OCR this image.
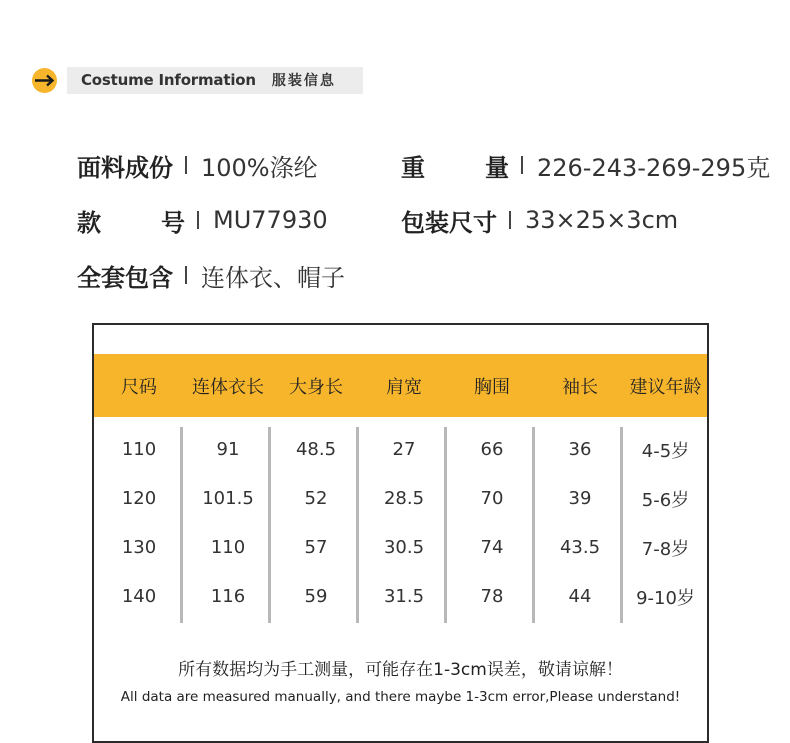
Costume Information 服装信息
面料成份 100%涤纶	重	量 226-243-269-295克
款	号 MU77930	包装尺寸 33×25×3cm
全套包含 连体衣、帽子
尺码	连体衣长	大身长	肩宽	胸围	袖长	建议年龄
110	91	48.5	27	66	36	4-5岁
120	101.5	52	28.5	70	39	5-6岁
130	110	57	30.5	74	43.5	7-8岁
140	116	59	31.5	78	44	9-10岁
所有数据均为手工测量，可能存在1-3cm误差，敬请谅解！
All data are measured manually, and there maybe 1-3cm error,Please understand!
